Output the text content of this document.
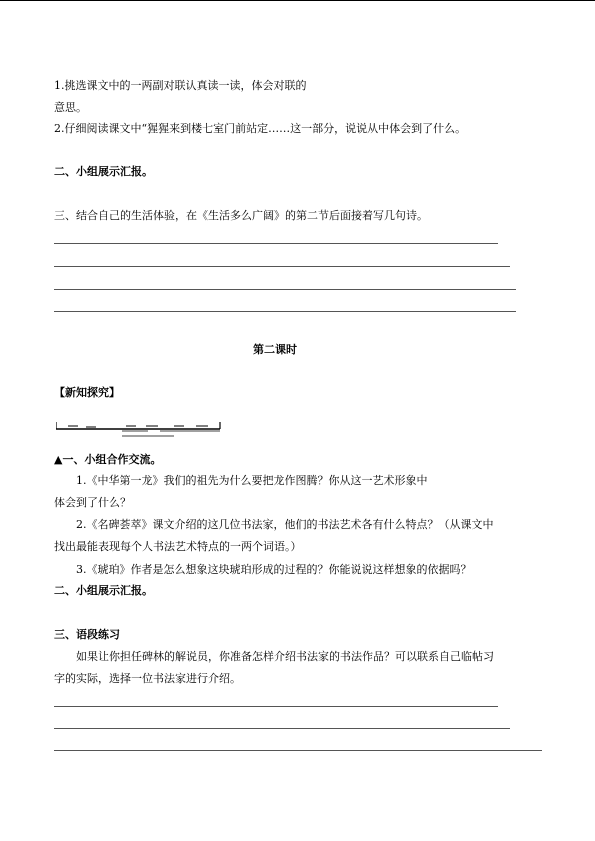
1.挑选课文中的一两副对联认真读一读，体会对联的
意思。
2.仔细阅读课文中“猩猩来到楼七室门前站定……这一部分，说说从中体会到了什么。
二、小组展示汇报。
三、结合自己的生活体验，在《生活多么广阔》的第二节后面接着写几句诗。
第二课时
【新知探究】
▲一、小组合作交流。
1.《中华第一龙》我们的祖先为什么要把龙作图腾？你从这一艺术形象中
体会到了什么？
2.《名碑荟萃》课文介绍的这几位书法家，他们的书法艺术各有什么特点？（从课文中
找出最能表现每个人书法艺术特点的一两个词语。）
3.《琥珀》作者是怎么想象这块琥珀形成的过程的？你能说说这样想象的依据吗？
二、小组展示汇报。
三、语段练习
如果让你担任碑林的解说员，你准备怎样介绍书法家的书法作品？可以联系自己临帖习
字的实际，选择一位书法家进行介绍。
